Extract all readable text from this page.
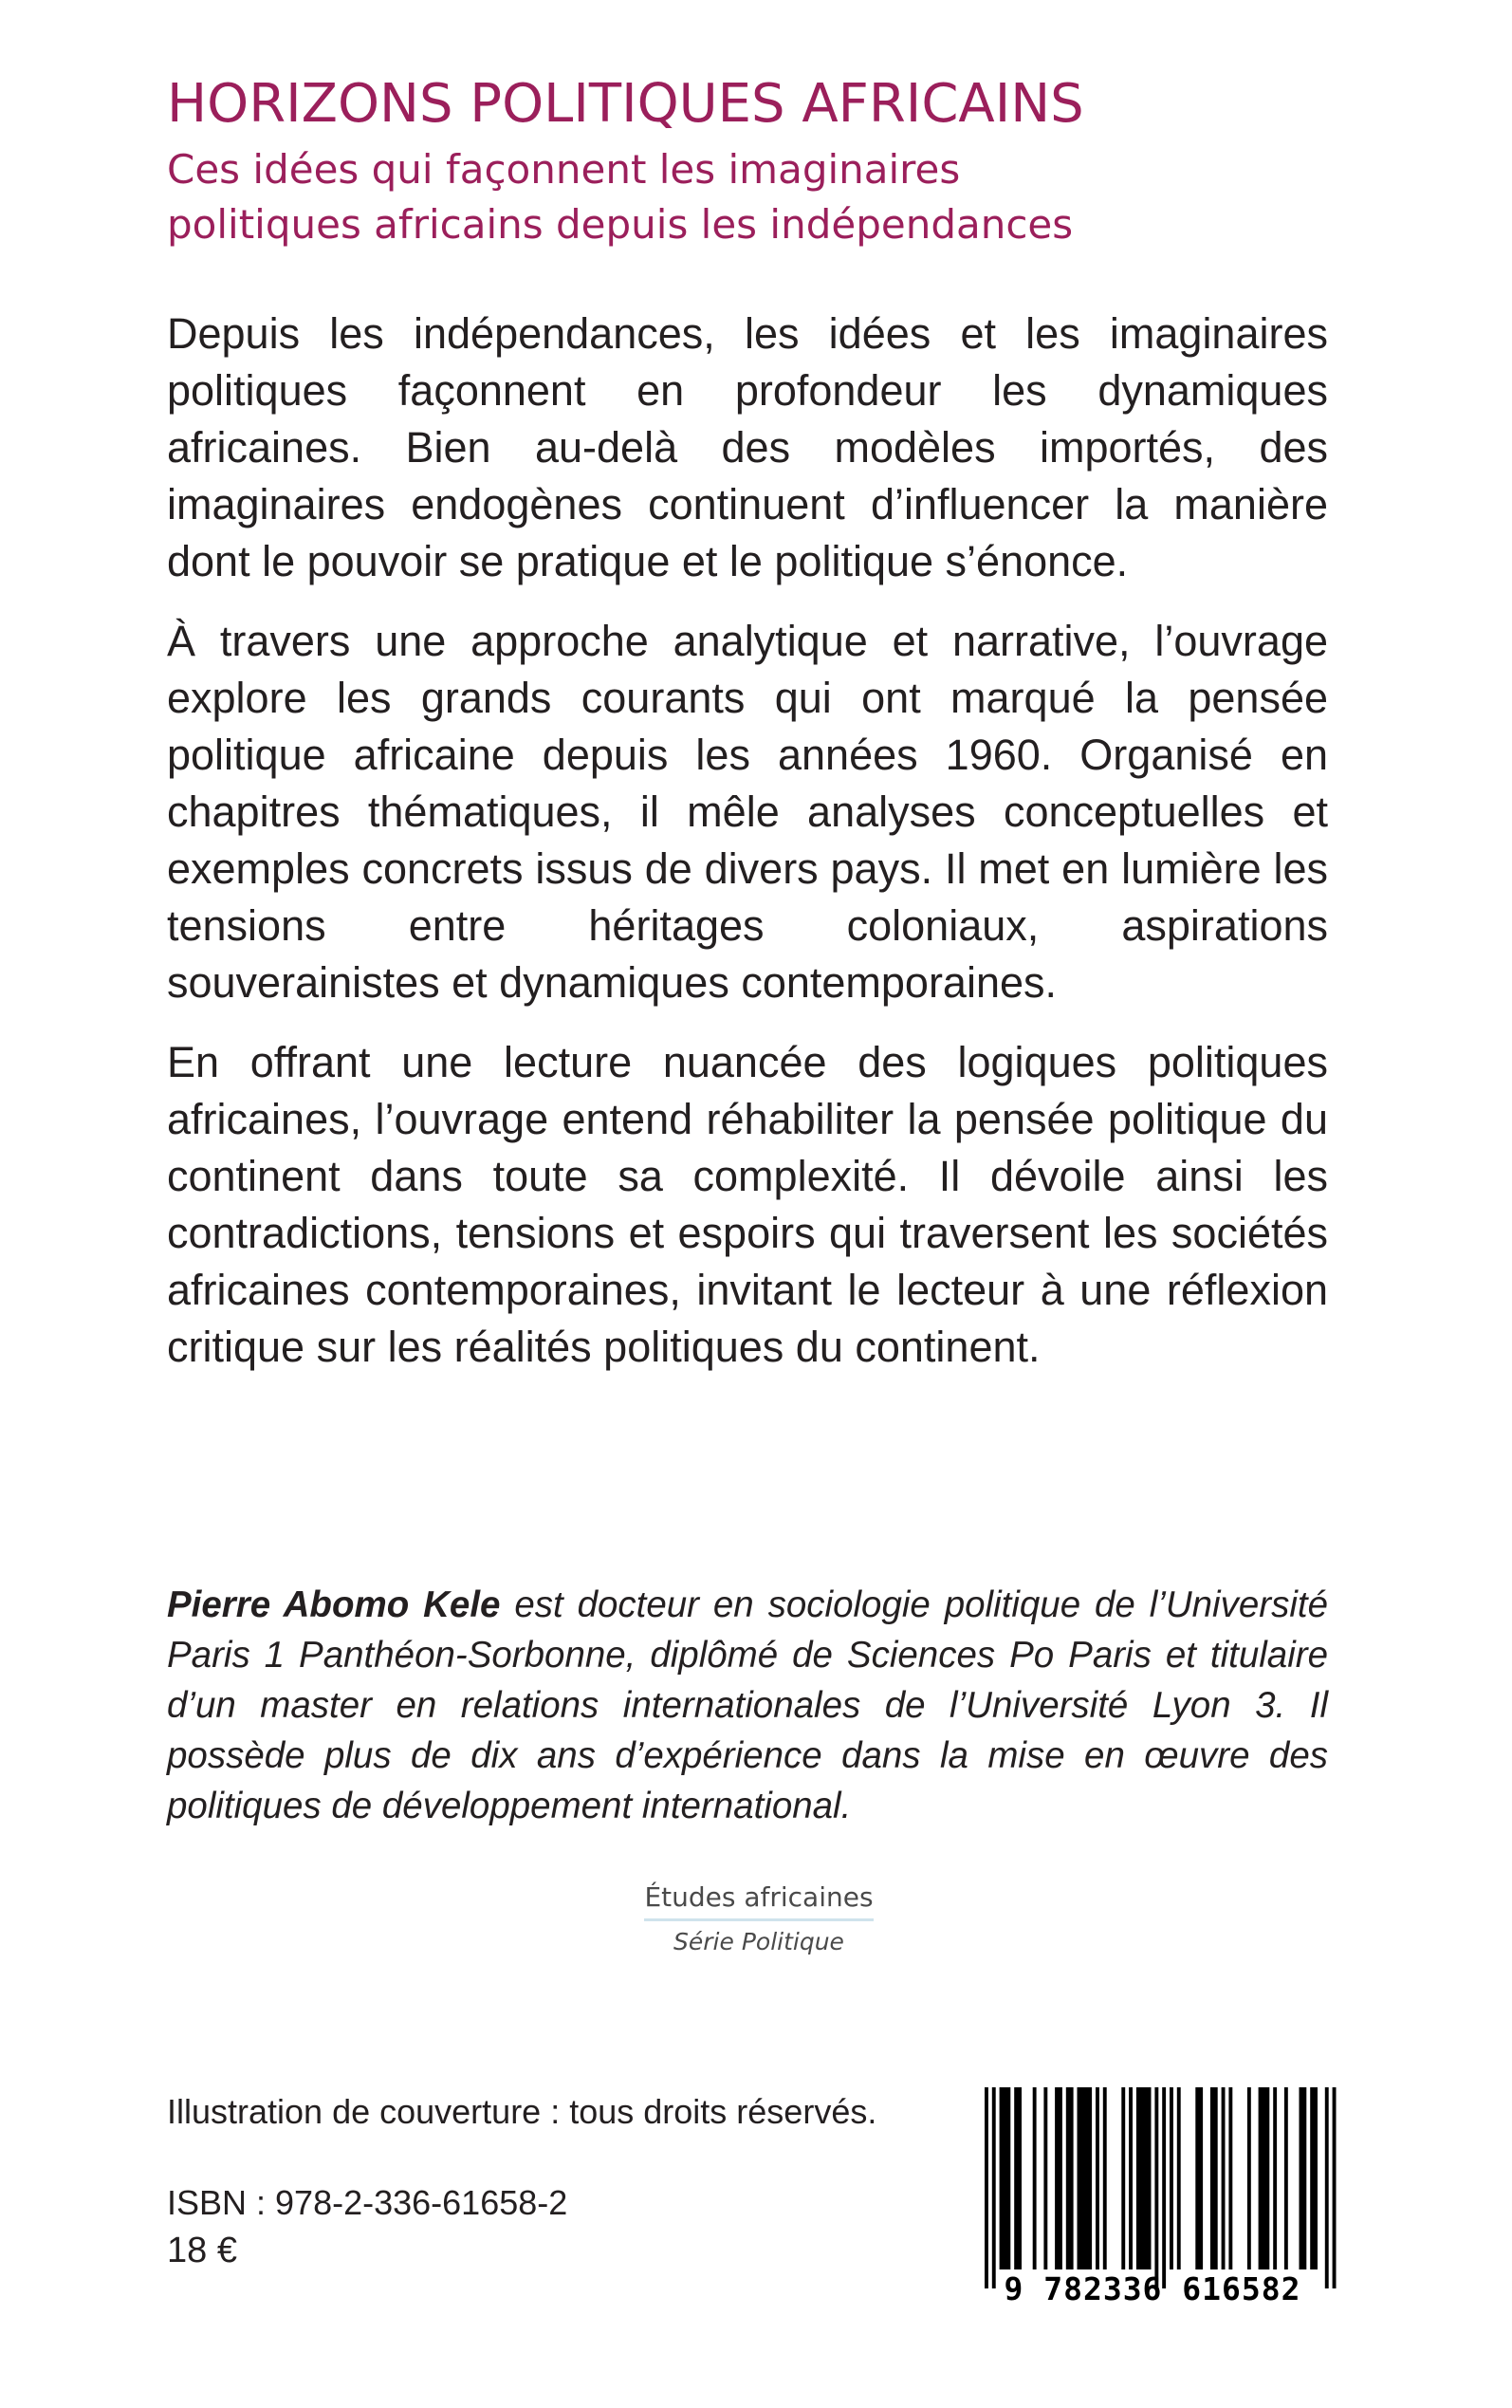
HORIZONS POLITIQUES AFRICAINS
Ces idées qui façonnent les imaginaires
politiques africains depuis les indépendances

Depuis les indépendances, les idées et les imaginaires politiques façonnent en profondeur les dynamiques africaines. Bien au-delà des modèles importés, des imaginaires endogènes continuent d’influencer la manière dont le pouvoir se pratique et le politique s’énonce.

À travers une approche analytique et narrative, l’ouvrage explore les grands courants qui ont marqué la pensée politique africaine depuis les années 1960. Organisé en chapitres thématiques, il mêle analyses conceptuelles et exemples concrets issus de divers pays. Il met en lumière les tensions entre héritages coloniaux, aspirations souverainistes et dynamiques contemporaines.

En offrant une lecture nuancée des logiques politiques africaines, l’ouvrage entend réhabiliter la pensée politique du continent dans toute sa complexité. Il dévoile ainsi les contradictions, tensions et espoirs qui traversent les sociétés africaines contemporaines, invitant le lecteur à une réflexion critique sur les réalités politiques du continent.

Pierre Abomo Kele est docteur en sociologie politique de l’Université Paris 1 Panthéon-Sorbonne, diplômé de Sciences Po Paris et titulaire d’un master en relations internationales de l’Université Lyon 3. Il possède plus de dix ans d’expérience dans la mise en œuvre des politiques de développement international.

Études africaines
Série Politique

Illustration de couverture : tous droits réservés.

ISBN : 978-2-336-61658-2

18 €

9 782336 616582
